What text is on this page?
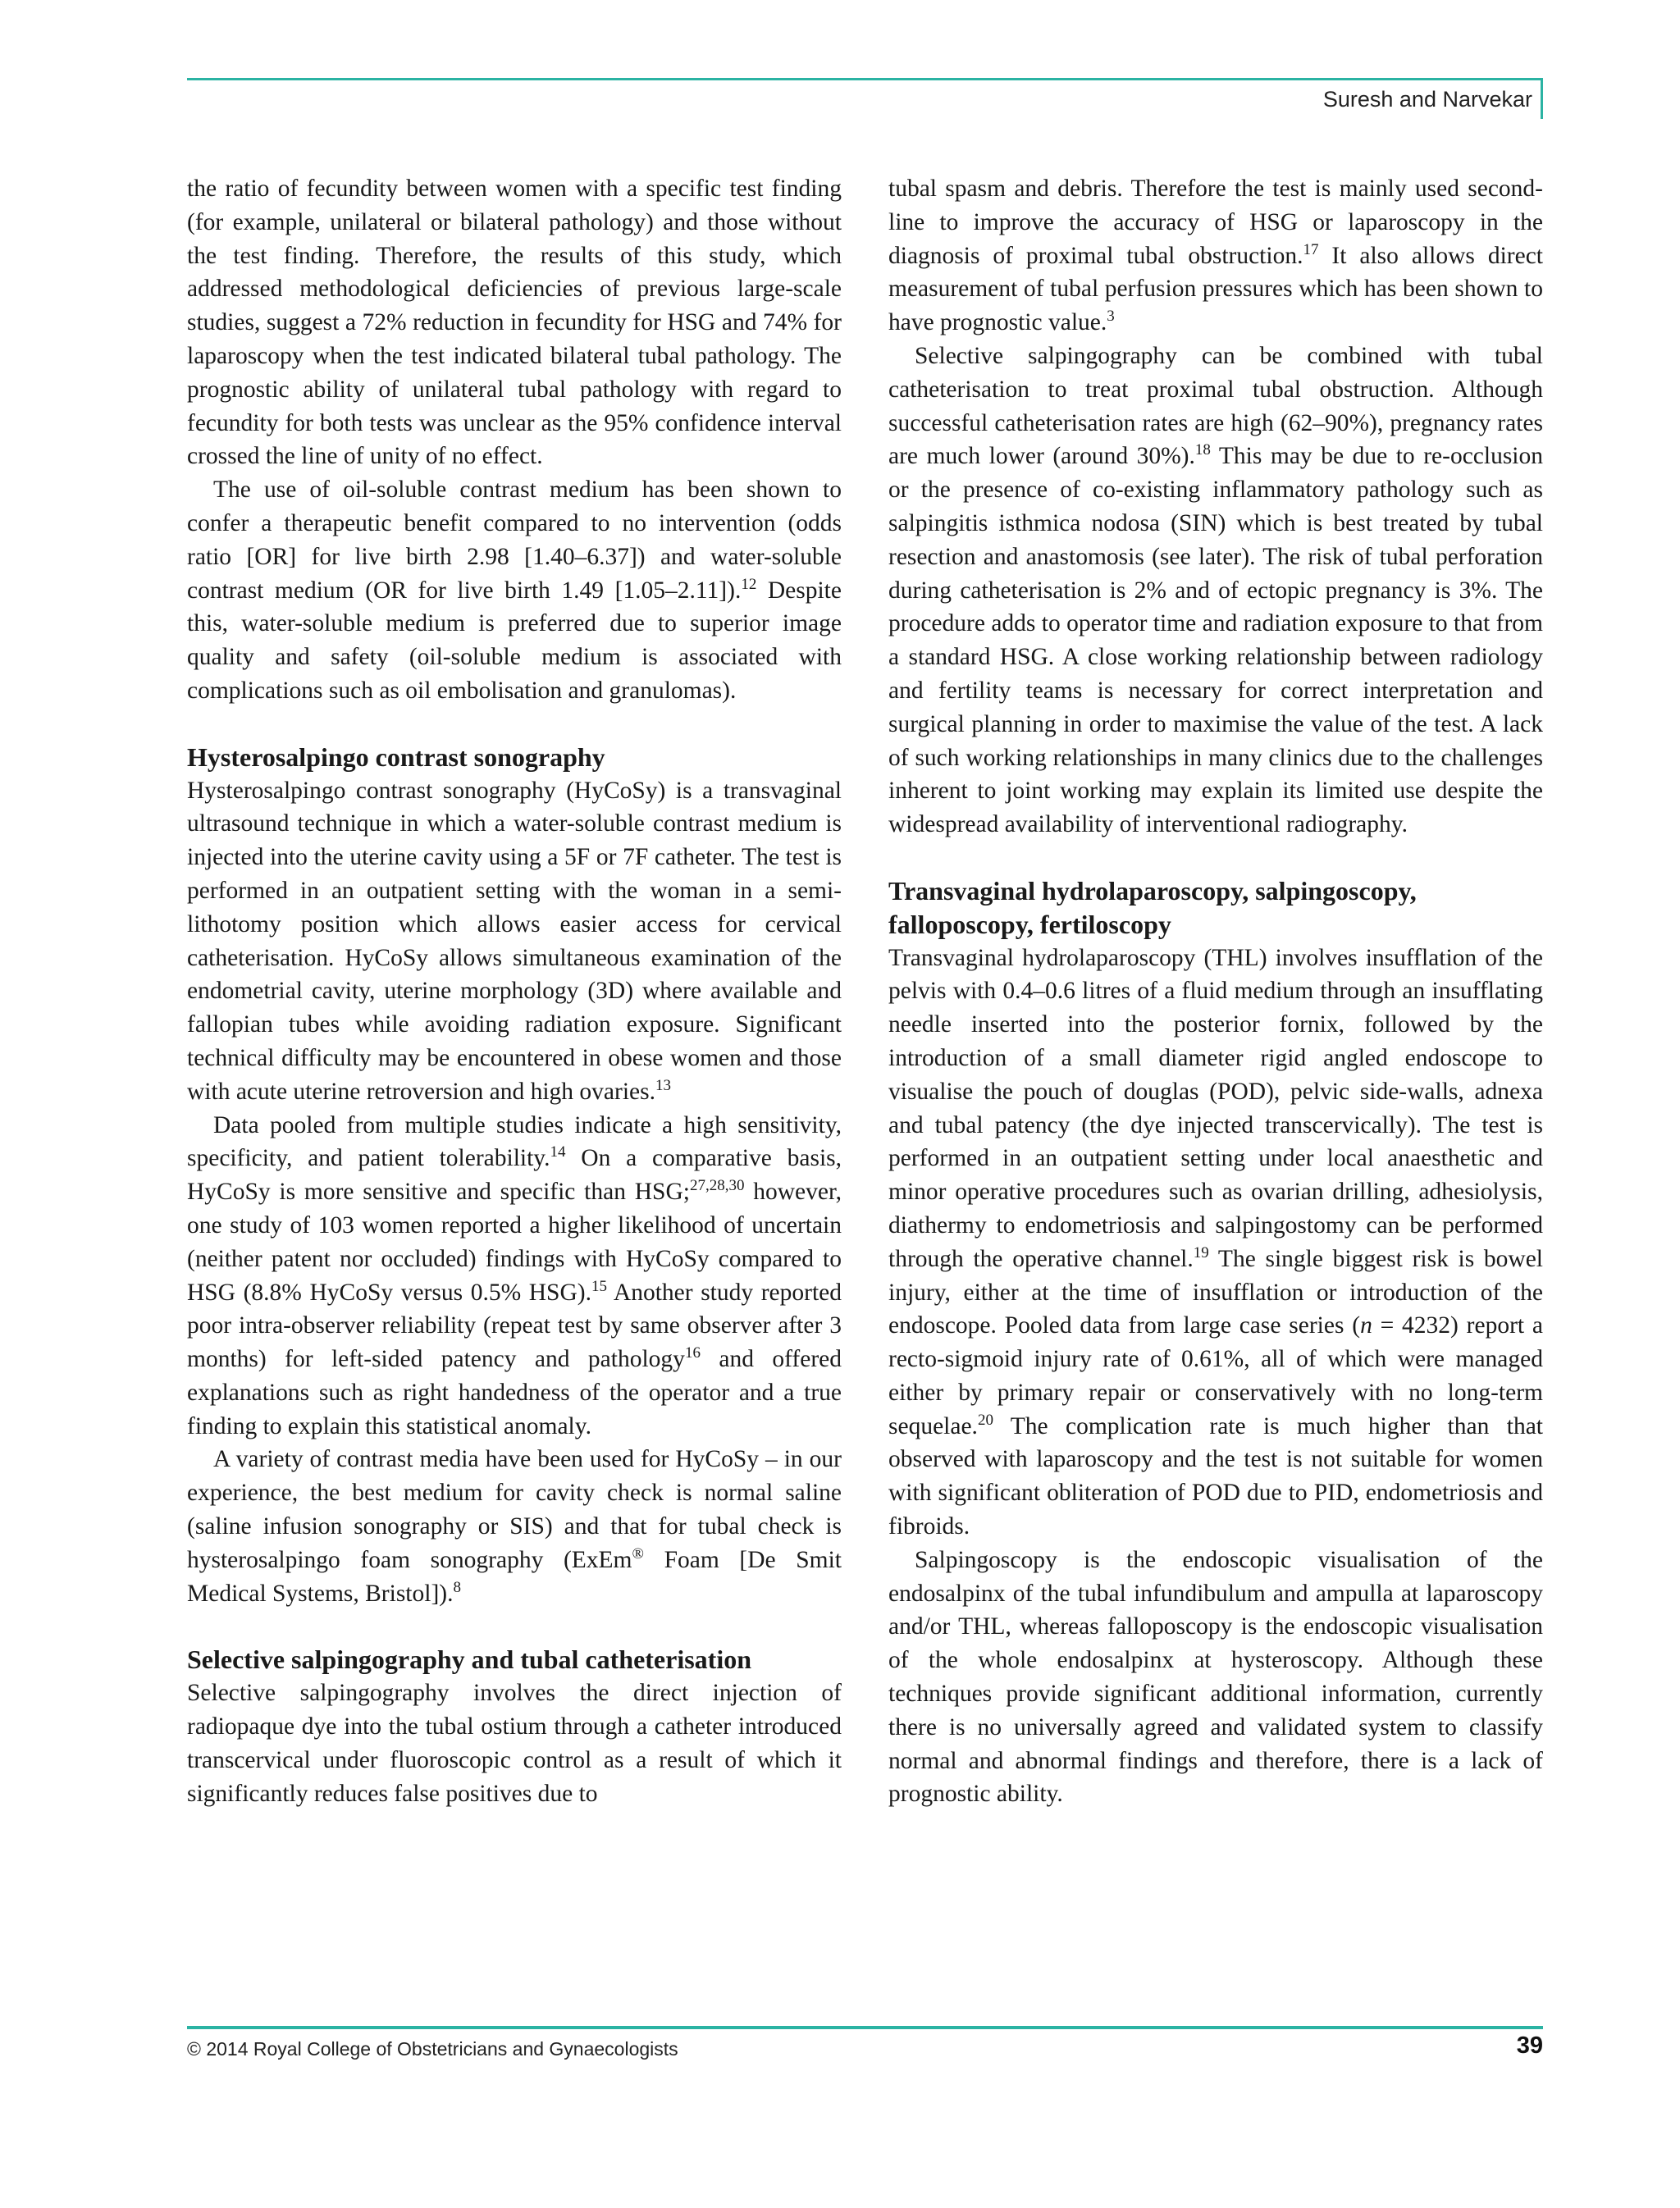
Suresh and Narvekar

the ratio of fecundity between women with a specific test finding (for example, unilateral or bilateral pathology) and those without the test finding. Therefore, the results of this study, which addressed methodological deficiencies of previous large-scale studies, suggest a 72% reduction in fecundity for HSG and 74% for laparoscopy when the test indicated bilateral tubal pathology. The prognostic ability of unilateral tubal pathology with regard to fecundity for both tests was unclear as the 95% confidence interval crossed the line of unity of no effect.

The use of oil-soluble contrast medium has been shown to confer a therapeutic benefit compared to no intervention (odds ratio [OR] for live birth 2.98 [1.40–6.37]) and water-soluble contrast medium (OR for live birth 1.49 [1.05–2.11]).$^{12}$ Despite this, water-soluble medium is preferred due to superior image quality and safety (oil-soluble medium is associated with complications such as oil embolisation and granulomas).

Hysterosalpingo contrast sonography

Hysterosalpingo contrast sonography (HyCoSy) is a transvaginal ultrasound technique in which a water-soluble contrast medium is injected into the uterine cavity using a 5F or 7F catheter. The test is performed in an outpatient setting with the woman in a semi-lithotomy position which allows easier access for cervical catheterisation. HyCoSy allows simultaneous examination of the endometrial cavity, uterine morphology (3D) where available and fallopian tubes while avoiding radiation exposure. Significant technical difficulty may be encountered in obese women and those with acute uterine retroversion and high ovaries.$^{13}$

Data pooled from multiple studies indicate a high sensitivity, specificity, and patient tolerability.$^{14}$ On a comparative basis, HyCoSy is more sensitive and specific than HSG;$^{27,28,30}$ however, one study of 103 women reported a higher likelihood of uncertain (neither patent nor occluded) findings with HyCoSy compared to HSG (8.8% HyCoSy versus 0.5% HSG).$^{15}$ Another study reported poor intra-observer reliability (repeat test by same observer after 3 months) for left-sided patency and pathology$^{16}$ and offered explanations such as right handedness of the operator and a true finding to explain this statistical anomaly.

A variety of contrast media have been used for HyCoSy – in our experience, the best medium for cavity check is normal saline (saline infusion sonography or SIS) and that for tubal check is hysterosalpingo foam sonography (ExEm® Foam [De Smit Medical Systems, Bristol]).$^8$

Selective salpingography and tubal catheterisation

Selective salpingography involves the direct injection of radiopaque dye into the tubal ostium through a catheter introduced transcervical under fluoroscopic control as a result of which it significantly reduces false positives due to

tubal spasm and debris. Therefore the test is mainly used second-line to improve the accuracy of HSG or laparoscopy in the diagnosis of proximal tubal obstruction.$^{17}$ It also allows direct measurement of tubal perfusion pressures which has been shown to have prognostic value.$^3$

Selective salpingography can be combined with tubal catheterisation to treat proximal tubal obstruction. Although successful catheterisation rates are high (62–90%), pregnancy rates are much lower (around 30%).$^{18}$ This may be due to re-occlusion or the presence of co-existing inflammatory pathology such as salpingitis isthmica nodosa (SIN) which is best treated by tubal resection and anastomosis (see later). The risk of tubal perforation during catheterisation is 2% and of ectopic pregnancy is 3%. The procedure adds to operator time and radiation exposure to that from a standard HSG. A close working relationship between radiology and fertility teams is necessary for correct interpretation and surgical planning in order to maximise the value of the test. A lack of such working relationships in many clinics due to the challenges inherent to joint working may explain its limited use despite the widespread availability of interventional radiography.

Transvaginal hydrolaparoscopy, salpingoscopy, falloposcopy, fertiloscopy

Transvaginal hydrolaparoscopy (THL) involves insufflation of the pelvis with 0.4–0.6 litres of a fluid medium through an insufflating needle inserted into the posterior fornix, followed by the introduction of a small diameter rigid angled endoscope to visualise the pouch of douglas (POD), pelvic side-walls, adnexa and tubal patency (the dye injected transcervically). The test is performed in an outpatient setting under local anaesthetic and minor operative procedures such as ovarian drilling, adhesiolysis, diathermy to endometriosis and salpingostomy can be performed through the operative channel.$^{19}$ The single biggest risk is bowel injury, either at the time of insufflation or introduction of the endoscope. Pooled data from large case series (n = 4232) report a recto-sigmoid injury rate of 0.61%, all of which were managed either by primary repair or conservatively with no long-term sequelae.$^{20}$ The complication rate is much higher than that observed with laparoscopy and the test is not suitable for women with significant obliteration of POD due to PID, endometriosis and fibroids.

Salpingoscopy is the endoscopic visualisation of the endosalpinx of the tubal infundibulum and ampulla at laparoscopy and/or THL, whereas falloposcopy is the endoscopic visualisation of the whole endosalpinx at hysteroscopy. Although these techniques provide significant additional information, currently there is no universally agreed and validated system to classify normal and abnormal findings and therefore, there is a lack of prognostic ability.

© 2014 Royal College of Obstetricians and Gynaecologists	39
